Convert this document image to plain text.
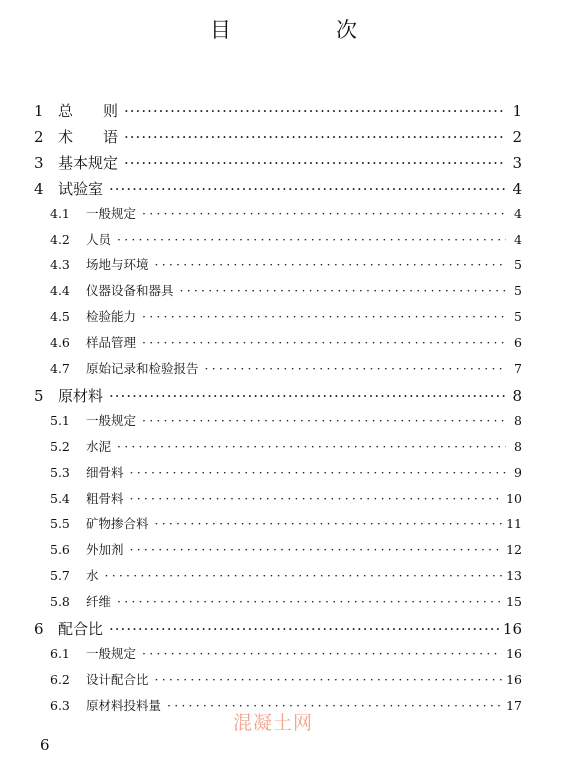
目　次
1 总　　则 ·····	1
2 术　　语 ·····	2
3 基本规定 ·····	3
4 试验室 ·····	4
4.1	一般规定 ·····	4
4.2	人员 ·····	4
4.3	场地与环境 ·····	5
4.4	仪器设备和器具 ·····	5
4.5	检验能力 ·····	5
4.6	样品管理 ·····	6
4.7	原始记录和检验报告 ·····	7
5 原材料 ·····	8
5.1	一般规定 ·····	8
5.2	水泥 ·····	8
5.3	细骨料 ·····	9
5.4	粗骨料 ·····	10
5.5	矿物掺合料 ·····	11
5.6	外加剂 ·····	12
5.7	水 ·····	13
5.8	纤维 ·····	15
6 配合比 ·····	16
6.1	一般规定 ·····	16
6.2	设计配合比 ·····	16
6.3	原材料投料量 ·····	17
混凝土网
6
